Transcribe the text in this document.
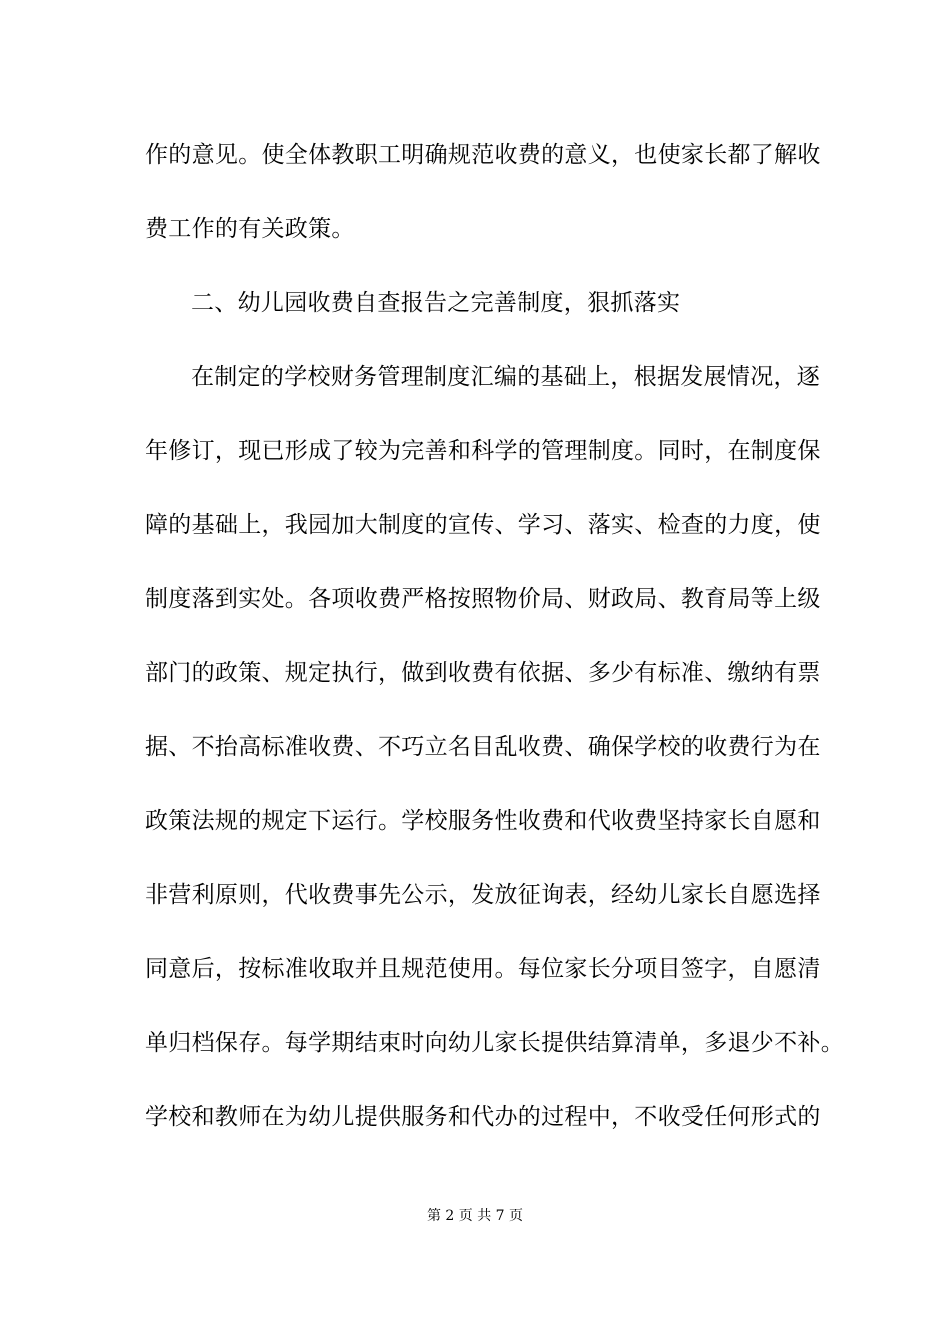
作的意见。使全体教职工明确规范收费的意义，也使家长都了解收
费工作的有关政策。
二、幼儿园收费自查报告之完善制度，狠抓落实
在制定的学校财务管理制度汇编的基础上，根据发展情况，逐
年修订，现已形成了较为完善和科学的管理制度。同时，在制度保
障的基础上，我园加大制度的宣传、学习、落实、检查的力度，使
制度落到实处。各项收费严格按照物价局、财政局、教育局等上级
部门的政策、规定执行，做到收费有依据、多少有标准、缴纳有票
据、不抬高标准收费、不巧立名目乱收费、确保学校的收费行为在
政策法规的规定下运行。学校服务性收费和代收费坚持家长自愿和
非营利原则，代收费事先公示，发放征询表，经幼儿家长自愿选择
同意后，按标准收取并且规范使用。每位家长分项目签字，自愿清
单归档保存。每学期结束时向幼儿家长提供结算清单，多退少不补。
学校和教师在为幼儿提供服务和代办的过程中，不收受任何形式的
第 2 页 共 7 页
